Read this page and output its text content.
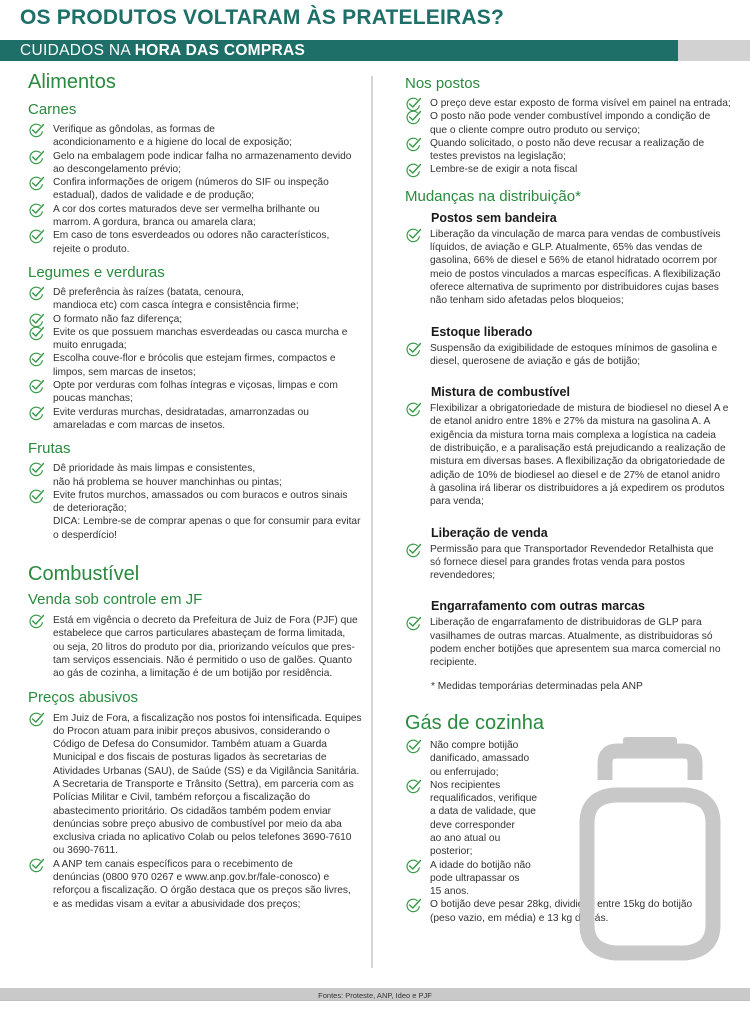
OS PRODUTOS VOLTARAM ÀS PRATELEIRAS?
CUIDADOS NA HORA DAS COMPRAS
Alimentos
Carnes

Verifique as gôndolas, as formas de

acondicionamento e a higiene do local de exposição;

Gelo na embalagem pode indicar falha no armazenamento devido

ao descongelamento prévio;

Confira informações de origem (números do SIF ou inspeção

estadual), dados de validade e de produção;

A cor dos cortes maturados deve ser vermelha brilhante ou

marrom. A gordura, branca ou amarela clara;

Em caso de tons esverdeados ou odores não característicos,

rejeite o produto.

Legumes e verduras

Dê preferência às raízes (batata, cenoura,

mandioca etc) com casca íntegra e consistência firme;

O formato não faz diferença;

Evite os que possuem manchas esverdeadas ou casca murcha e

muito enrugada;

Escolha couve-flor e brócolis que estejam firmes, compactos e

limpos, sem marcas de insetos;

Opte por verduras com folhas íntegras e viçosas, limpas e com

poucas manchas;

Evite verduras murchas, desidratadas, amarronzadas ou

amareladas e com marcas de insetos.

Frutas

Dê prioridade às mais limpas e consistentes,

não há problema se houver manchinhas ou pintas;

Evite frutos murchos, amassados ou com buracos e outros sinais

de deterioração;

DICA: Lembre-se de comprar apenas o que for consumir para evitar

o desperdício!

Combustível
Venda sob controle em JF

Está em vigência o decreto da Prefeitura de Juiz de Fora (PJF) que

estabelece que carros particulares abasteçam de forma limitada,

ou seja, 20 litros do produto por dia, priorizando veículos que pres-

tam serviços essenciais. Não é permitido o uso de galões. Quanto

ao gás de cozinha, a limitação é de um botijão por residência.

Preços abusivos

Em Juiz de Fora, a fiscalização nos postos foi intensificada. Equipes

do Procon atuam para inibir preços abusivos, considerando o

Código de Defesa do Consumidor. Também atuam a Guarda

Municipal e dos fiscais de posturas ligados às secretarias de

Atividades Urbanas (SAU), de Saúde (SS) e da Vigilância Sanitária.

A Secretaria de Transporte e Trânsito (Settra), em parceria com as

Polícias Militar e Civil, também reforçou a fiscalização do

abastecimento prioritário. Os cidadãos também podem enviar

denúncias sobre preço abusivo de combustível por meio da aba

exclusiva criada no aplicativo Colab ou pelos telefones 3690-7610

ou 3690-7611.

A ANP tem canais específicos para o recebimento de

denúncias (0800 970 0267 e www.anp.gov.br/fale-conosco) e

reforçou a fiscalização. O órgão destaca que os preços são livres,

e as medidas visam a evitar a abusividade dos preços;

Nos postos

O preço deve estar exposto de forma visível em painel na entrada;

O posto não pode vender combustível impondo a condição de

que o cliente compre outro produto ou serviço;

Quando solicitado, o posto não deve recusar a realização de

testes previstos na legislação;

Lembre-se de exigir a nota fiscal

Mudanças na distribuição*
Postos sem bandeira

Liberação da vinculação de marca para vendas de combustíveis

líquidos, de aviação e GLP. Atualmente, 65% das vendas de

gasolina, 66% de diesel e 56% de etanol hidratado ocorrem por

meio de postos vinculados a marcas específicas. A flexibilização

oferece alternativa de suprimento por distribuidores cujas bases

não tenham sido afetadas pelos bloqueios;

Estoque liberado

Suspensão da exigibilidade de estoques mínimos de gasolina e

diesel, querosene de aviação e gás de botijão;

Mistura de combustível

Flexibilizar a obrigatoriedade de mistura de biodiesel no diesel A e

de etanol anidro entre 18% e 27% da mistura na gasolina A. A

exigência da mistura torna mais complexa a logística na cadeia

de distribuição, e a paralisação está prejudicando a realização de

mistura em diversas bases. A flexibilização da obrigatoriedade de

adição de 10% de biodiesel ao diesel e de 27% de etanol anidro

à gasolina irá liberar os distribuidores a já expedirem os produtos

para venda;

Liberação de venda

Permissão para que Transportador Revendedor Retalhista que

só fornece diesel para grandes frotas venda para postos

revendedores;

Engarrafamento com outras marcas

Liberação de engarrafamento de distribuidoras de GLP para

vasilhames de outras marcas. Atualmente, as distribuidoras só

podem encher botijões que apresentem sua marca comercial no

recipiente.

* Medidas temporárias determinadas pela ANP
Gás de cozinha

Não compre botijão

danificado, amassado

ou enferrujado;

Nos recipientes

requalificados, verifique

a data de validade, que

deve corresponder

ao ano atual ou

posterior;

A idade do botijão não

pode ultrapassar os

15 anos.

O botijão deve pesar 28kg, divididos entre 15kg do botijão

(peso vazio, em média) e 13 kg de gás.

Fontes: Proteste, ANP, Ideo e PJF
